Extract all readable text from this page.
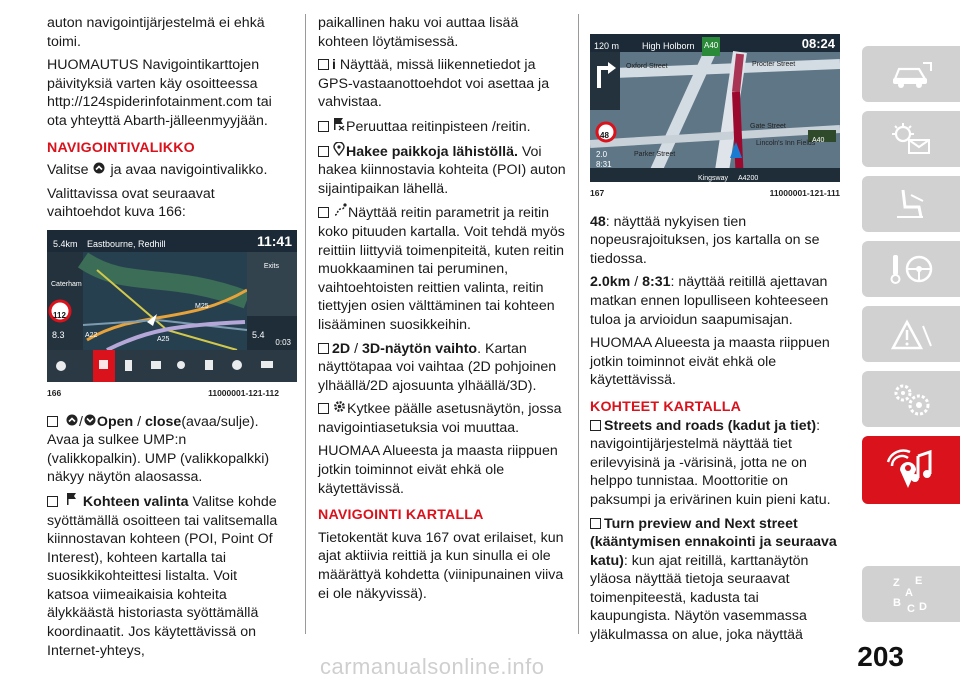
auton navigointijärjestelmä ei ehkä toimi.

HUOMAUTUS Navigointikarttojen päivityksiä varten käy osoitteessa http://124spiderinfotainment.com tai ota yhteyttä Abarth-jälleenmyyjään.

NAVIGOINTIVALIKKO

Valitse ja avaa navigointivalikko.

Valittavissa ovat seuraavat vaihtoehdot kuva 166:

5.4km Eastbourne, Redhill	11:41
Exits
112
8.3	5.4
0:03
Caterham
A22
A25
M25
166	11000001-121-112

/ Open / close(avaa/sulje). Avaa ja sulkee UMP:n (valikkopalkin). UMP (valikkopalkki) näkyy näytön alaosassa.

Kohteen valinta Valitse kohde syöttämällä osoitteen tai valitsemalla kiinnostavan kohteen (POI, Point Of Interest), kohteen kartalla tai suosikkikohteittesi listalta. Voit katsoa viimeaikaisia kohteita älykkäästä historiasta syöttämällä koordinaatit. Jos käytettävissä on Internet-yhteys,

paikallinen haku voi auttaa lisää kohteen löytämisessä.

i Näyttää, missä liikennetiedot ja GPS-vastaanottoehdot voi asettaa ja vahvistaa.

Peruuttaa reitinpisteen /reitin.

Hakee paikkoja lähistöllä. Voi hakea kiinnostavia kohteita (POI) auton sijaintipaikan lähellä.

Näyttää reitin parametrit ja reitin koko pituuden kartalla. Voit tehdä myös reittiin liittyviä toimenpiteitä, kuten reitin muokkaaminen tai peruminen, vaihtoehtoisten reittien valinta, reitin tiettyjen osien välttäminen tai kohteen lisääminen suosikkeihin.

2D / 3D-näytön vaihto. Kartan näyttötapaa voi vaihtaa (2D pohjoinen ylhäällä/2D ajosuunta ylhäällä/3D).

Kytkee päälle asetusnäytön, jossa navigointiasetuksia voi muuttaa.

HUOMAA Alueesta ja maasta riippuen jotkin toiminnot eivät ehkä ole käytettävissä.

NAVIGOINTI KARTALLA

Tietokentät kuva 167 ovat erilaiset, kun ajat aktiivia reittiä ja kun sinulla ei ole määrättyä kohdetta (viinipunainen viiva ei ole näkyvissä).

120 m	High Holborn A40	08:24
48
2.0
8:31
Oxford Street	Procter Street
Parker Street
Gate Street
Lincoln's Inn Fields
Kingsway A4200
A40
167	11000001-121-111

48: näyttää nykyisen tien nopeusrajoituksen, jos kartalla on se tiedossa.

2.0km / 8:31: näyttää reitillä ajettavan matkan ennen lopulliseen kohteeseen tuloa ja arvioidun saapumisajan.

HUOMAA Alueesta ja maasta riippuen jotkin toiminnot eivät ehkä ole käytettävissä.

KOHTEET KARTALLA

Streets and roads (kadut ja tiet): navigointijärjestelmä näyttää tiet erilevyisinä ja -värisinä, jotta ne on helppo tunnistaa. Moottoritie on paksumpi ja erivärinen kuin pieni katu.

Turn preview and Next street (kääntymisen ennakointi ja seuraava katu): kun ajat reitillä, karttanäytön yläosa näyttää tietoja seuraavat toimenpiteestä, kadusta tai kaupungista. Näytön vasemmassa yläkulmassa on alue, joka näyttää

Z E
A
B C D
203
carmanualsonline.info
